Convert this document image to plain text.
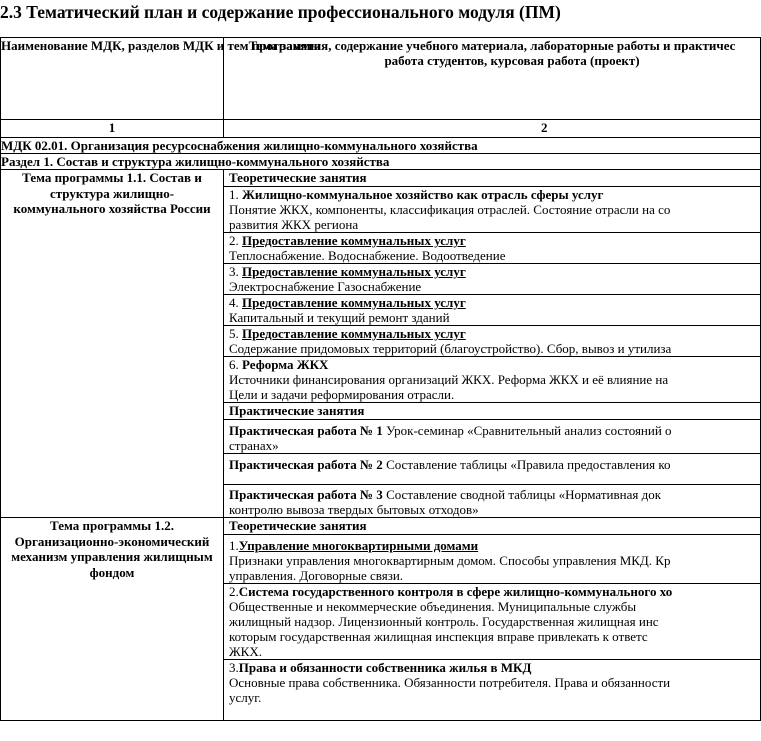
2.3 Тематический план и содержание профессионального модуля (ПМ)
Наименование МДК, разделов МДК и тем программы	Тема занятия, содержание учебного материала, лабораторные работы и практичес
работа студентов, курсовая работа (проект)

1	2
МДК 02.01. Организация ресурсоснабжения жилищно-коммунального хозяйства	
Раздел 1. Состав и структура жилищно-коммунального хозяйства	
Тема программы 1.1. Состав и структура жилищно-коммунального хозяйства России	Теоретические занятия

	1. Жилищно-коммунальное хозяйство как отрасль сферы услуг
Понятие ЖКХ, компоненты, классификация отраслей. Состояние отрасли на со
развития ЖКХ региона

	2. Предоставление коммунальных услуг
Теплоснабжение. Водоснабжение. Водоотведение

	3. Предоставление коммунальных услуг
Электроснабжение Газоснабжение

	4. Предоставление коммунальных услуг
Капитальный и текущий ремонт зданий

	5. Предоставление коммунальных услуг
Содержание придомовых территорий (благоустройство). Сбор, вывоз и утилиза

	6. Реформа ЖКХ
Источники финансирования организаций ЖКХ. Реформа ЖКХ и её влияние на
Цели и задачи реформирования отрасли.

	Практические занятия

	Практическая работа № 1 Урок-семинар «Сравнительный анализ состояний о
странах»

	Практическая работа № 2 Составление таблицы «Правила предоставления ко

	Практическая работа № 3 Составление сводной таблицы «Нормативная док
контролю вывоза твердых бытовых отходов»

Тема программы 1.2. Организационно-экономический механизм управления жилищным фондом	Теоретические занятия

	1.Управление многоквартирными домами
Признаки управления многоквартирным домом. Способы управления МКД. Кр
управления. Договорные связи.

	2.Система государственного контроля в сфере жилищно-коммунального хо
Общественные и некоммерческие объединения. Муниципальные службы
жилищный надзор. Лицензионный контроль. Государственная жилищная инс
которым государственная жилищная инспекция вправе привлекать к ответс
ЖКХ.

	3.Права и обязанности собственника жилья в МКД
Основные права собственника. Обязанности потребителя. Права и обязанности
услуг.
